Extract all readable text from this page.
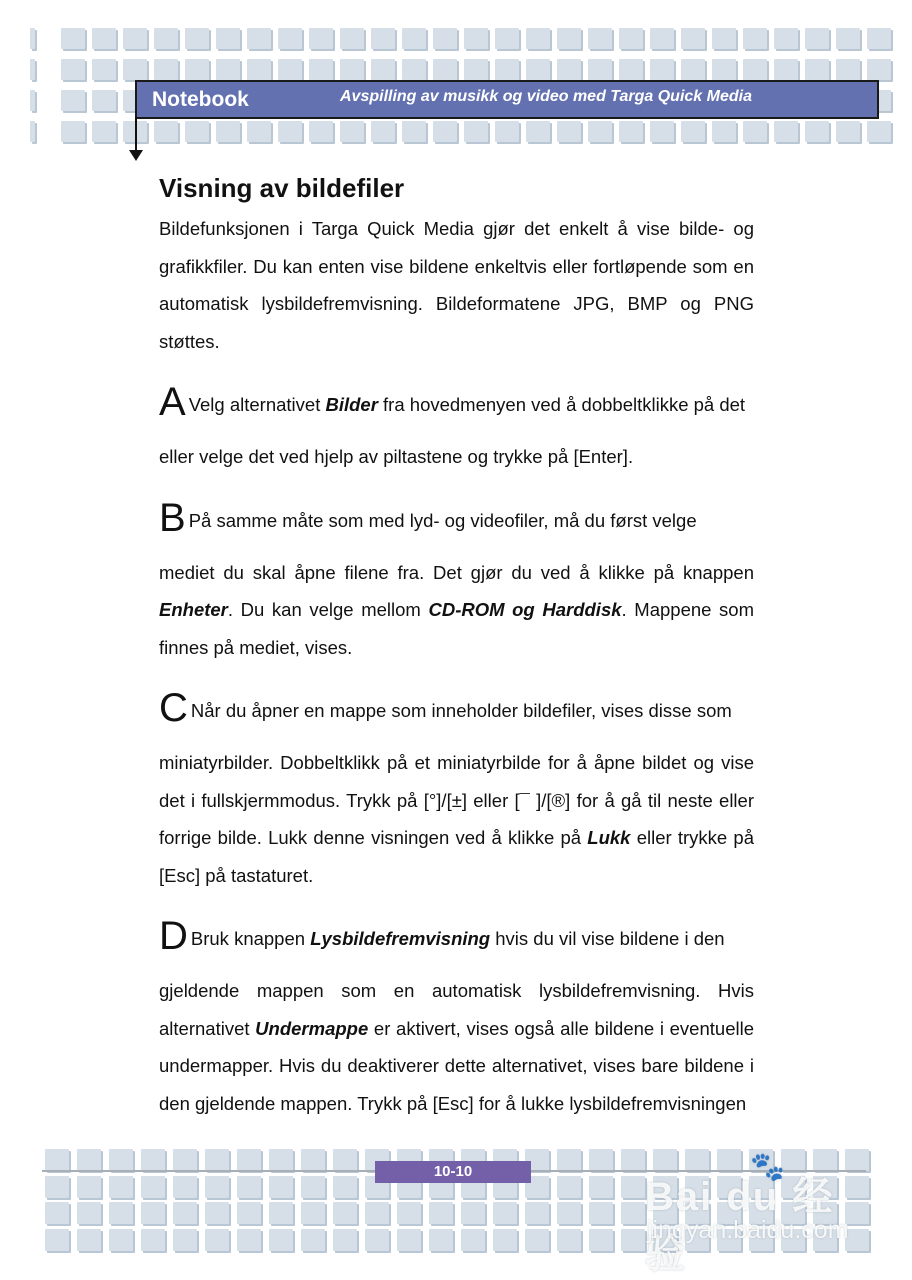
Notebook	Avspilling av musikk og video med Targa Quick Media
Visning av bildefiler

Bildefunksjonen i Targa Quick Media gjør det enkelt å vise bilde- og grafikkfiler. Du kan enten vise bildene enkeltvis eller fortløpende som en automatisk lysbildefremvisning. Bildeformatene JPG, BMP og PNG støttes.

A Velg alternativet Bilder fra hovedmenyen ved å dobbeltklikke på det

eller velge det ved hjelp av piltastene og trykke på [Enter].

B På samme måte som med lyd- og videofiler, må du først velge

mediet du skal åpne filene fra. Det gjør du ved å klikke på knappen Enheter. Du kan velge mellom CD-ROM og Harddisk. Mappene som finnes på mediet, vises.

C Når du åpner en mappe som inneholder bildefiler, vises disse som

miniatyrbilder. Dobbeltklikk på et miniatyrbilde for å åpne bildet og vise det i fullskjermmodus. Trykk på [°]/[±] eller [¯ ]/[®] for å gå til neste eller forrige bilde. Lukk denne visningen ved å klikke på Lukk eller trykke på [Esc] på tastaturet.

D Bruk knappen Lysbildefremvisning hvis du vil vise bildene i den

gjeldende mappen som en automatisk lysbildefremvisning. Hvis alternativet Undermappe er aktivert, vises også alle bildene i eventuelle undermapper. Hvis du deaktiverer dette alternativet, vises bare bildene i den gjeldende mappen. Trykk på [Esc] for å lukke lysbildefremvisningen

10-10	🐾
Bai du 经验
jingyan.baidu.com
